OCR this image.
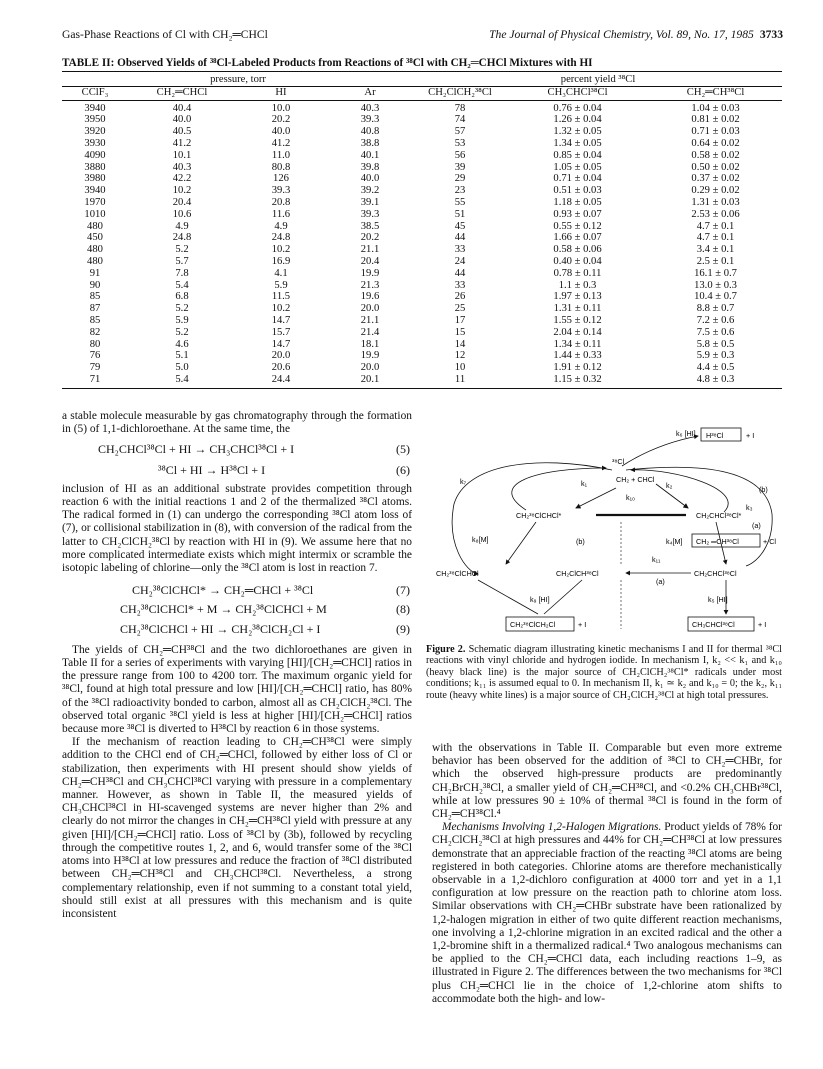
Gas-Phase Reactions of Cl with CH₂═CHCl	The Journal of Physical Chemistry, Vol. 89, No. 17, 1985 3733
TABLE II: Observed Yields of ³⁸Cl-Labeled Products from Reactions of ³⁸Cl with CH₂═CHCl Mixtures with HI
pressure, torr				percent yield ³⁸Cl		
CClF₃	CH₂═CHCl	HI	Ar	CH₂ClCH₂³⁸Cl	CH₃CHCl³⁸Cl	CH₂═CH³⁸Cl
3940	40.4	10.0	40.3	78	0.76 ± 0.04	1.04 ± 0.03
3950	40.0	20.2	39.3	74	1.26 ± 0.04	0.81 ± 0.02
3920	40.5	40.0	40.8	57	1.32 ± 0.05	0.71 ± 0.03
3930	41.2	41.2	38.8	53	1.34 ± 0.05	0.64 ± 0.02
4090	10.1	11.0	40.1	56	0.85 ± 0.04	0.58 ± 0.02
3880	40.3	80.8	39.8	39	1.05 ± 0.05	0.50 ± 0.02
3980	42.2	126	40.0	29	0.71 ± 0.04	0.37 ± 0.02
3940	10.2	39.3	39.2	23	0.51 ± 0.03	0.29 ± 0.02
1970	20.4	20.8	39.1	55	1.18 ± 0.05	1.31 ± 0.03
1010	10.6	11.6	39.3	51	0.93 ± 0.07	2.53 ± 0.06
480	4.9	4.9	38.5	45	0.55 ± 0.12	4.7 ± 0.1
450	24.8	24.8	20.2	44	1.66 ± 0.07	4.7 ± 0.1
480	5.2	10.2	21.1	33	0.58 ± 0.06	3.4 ± 0.1
480	5.7	16.9	20.4	24	0.40 ± 0.04	2.5 ± 0.1
91	7.8	4.1	19.9	44	0.78 ± 0.11	16.1 ± 0.7
90	5.4	5.9	21.3	33	1.1 ± 0.3	13.0 ± 0.3
85	6.8	11.5	19.6	26	1.97 ± 0.13	10.4 ± 0.7
87	5.2	10.2	20.0	25	1.31 ± 0.11	8.8 ± 0.7
85	5.9	14.7	21.1	17	1.55 ± 0.12	7.2 ± 0.6
82	5.2	15.7	21.4	15	2.04 ± 0.14	7.5 ± 0.6
80	4.6	14.7	18.1	14	1.34 ± 0.11	5.8 ± 0.5
76	5.1	20.0	19.9	12	1.44 ± 0.33	5.9 ± 0.3
79	5.0	20.6	20.0	10	1.91 ± 0.12	4.4 ± 0.5
71	5.4	24.4	20.1	11	1.15 ± 0.32	4.8 ± 0.3

a stable molecule measurable by gas chromatography through the formation in (5) of 1,1-dichloroethane. At the same time, the

CH₂CHCl³⁸Cl + HI → CH₃CHCl³⁸Cl + I	(5)
³⁸Cl + HI → H³⁸Cl + I	(6)

inclusion of HI as an additional substrate provides competition through reaction 6 with the initial reactions 1 and 2 of the thermalized ³⁸Cl atoms. The radical formed in (1) can undergo the corresponding ³⁸Cl atom loss of (7), or collisional stabilization in (8), with conversion of the radical from the latter to CH₂ClCH₂³⁸Cl by reaction with HI in (9). We assume here that no more complicated intermediate exists which might intermix or scramble the isotopic labeling of chlorine—only the ³⁸Cl atom is lost in reaction 7.

CH₂³⁸ClCHCl* → CH₂═CHCl + ³⁸Cl	(7)
CH₂³⁸ClCHCl* + M → CH₂³⁸ClCHCl + M	(8)
CH₂³⁸ClCHCl + HI → CH₂³⁸ClCH₂Cl + I	(9)

The yields of CH₂═CH³⁸Cl and the two dichloroethanes are given in Table II for a series of experiments with varying [HI]/[CH₂═CHCl] ratios in the pressure range from 100 to 4200 torr. The maximum organic yield for ³⁸Cl, found at high total pressure and low [HI]/[CH₂═CHCl] ratio, has 80% of the ³⁸Cl radioactivity bonded to carbon, almost all as CH₂ClCH₂³⁸Cl. The observed total organic ³⁸Cl yield is less at higher [HI]/[CH₂═CHCl] ratios because more ³⁸Cl is diverted to H³⁸Cl by reaction 6 in those systems.

If the mechanism of reaction leading to CH₂═CH³⁸Cl were simply addition to the CHCl end of CH₂═CHCl, followed by either loss of Cl or stabilization, then experiments with HI present should show yields of CH₂═CH³⁸Cl and CH₃CHCl³⁸Cl varying with pressure in a complementary manner. However, as shown in Table II, the measured yields of CH₃CHCl³⁸Cl in HI-scavenged systems are never higher than 2% and clearly do not mirror the changes in CH₂═CH³⁸Cl yield with pressure at any given [HI]/[CH₂═CHCl] ratio. Loss of ³⁸Cl by (3b), followed by recycling through the competitive routes 1, 2, and 6, would transfer some of the ³⁸Cl atoms into H³⁸Cl at low pressures and reduce the fraction of ³⁸Cl distributed between CH₂═CH³⁸Cl and CH₃CHCl³⁸Cl. Nevertheless, a strong complementary relationship, even if not summing to a constant total yield, should still exist at all pressures with this mechanism and is quite inconsistent

k₆ [HI] H³⁸Cl	+ I
³⁸Cl
k₇
(b)
k₁	CH₂ + CHCl
k₂
k₁₀
CH₂³⁸ClCHCl*	CH₂CHCl³⁸Cl*
k₃
(a)
k₈[M]	(b)	k₄[M] CH₂ ═CH³⁸Cl	+ Cl
k₁₁
CH₂³⁸ClCHCl	CH₂ClCH³⁸Cl	CH₂CHCl³⁸Cl
(a)
k₉ [HI]	k₅ [HI]
CH₂³⁸ClCH₂Cl	+ I	CH₃CHCl³⁸Cl	+ I
Figure 2. Schematic diagram illustrating kinetic mechanisms I and II for thermal ³⁸Cl reactions with vinyl chloride and hydrogen iodide. In mechanism I, k₂ << k₁ and k₁₀ (heavy black line) is the major source of CH₂ClCH₂³⁸Cl* radicals under most conditions; k₁₁ is assumed equal to 0. In mechanism II, k₁ ≃ k₂ and k₁₀ = 0; the k₂, k₁₁ route (heavy white lines) is a major source of CH₂ClCH₂³⁸Cl at high total pressures.

with the observations in Table II. Comparable but even more extreme behavior has been observed for the addition of ³⁸Cl to CH₂═CHBr, for which the observed high-pressure products are predominantly CH₂BrCH₂³⁸Cl, a smaller yield of CH₂═CH³⁸Cl, and <0.2% CH₃CHBr³⁸Cl, while at low pressures 90 ± 10% of thermal ³⁸Cl is found in the form of CH₂═CH³⁸Cl.⁴

Mechanisms Involving 1,2-Halogen Migrations. Product yields of 78% for CH₂ClCH₂³⁸Cl at high pressures and 44% for CH₂═CH³⁸Cl at low pressures demonstrate that an appreciable fraction of the reacting ³⁸Cl atoms are being registered in both categories. Chlorine atoms are therefore mechanistically observable in a 1,2-dichloro configuration at 4000 torr and yet in a 1,1 configuration at low pressure on the reaction path to chlorine atom loss. Similar observations with CH₂═CHBr substrate have been rationalized by 1,2-halogen migration in either of two quite different reaction mechanisms, one involving a 1,2-chlorine migration in an excited radical and the other a 1,2-bromine shift in a thermalized radical.⁴ Two analogous mechanisms can be applied to the CH₂═CHCl data, each including reactions 1–9, as illustrated in Figure 2. The differences between the two mechanisms for ³⁸Cl plus CH₂═CHCl lie in the choice of 1,2-chlorine atom shifts to accommodate both the high- and low-
